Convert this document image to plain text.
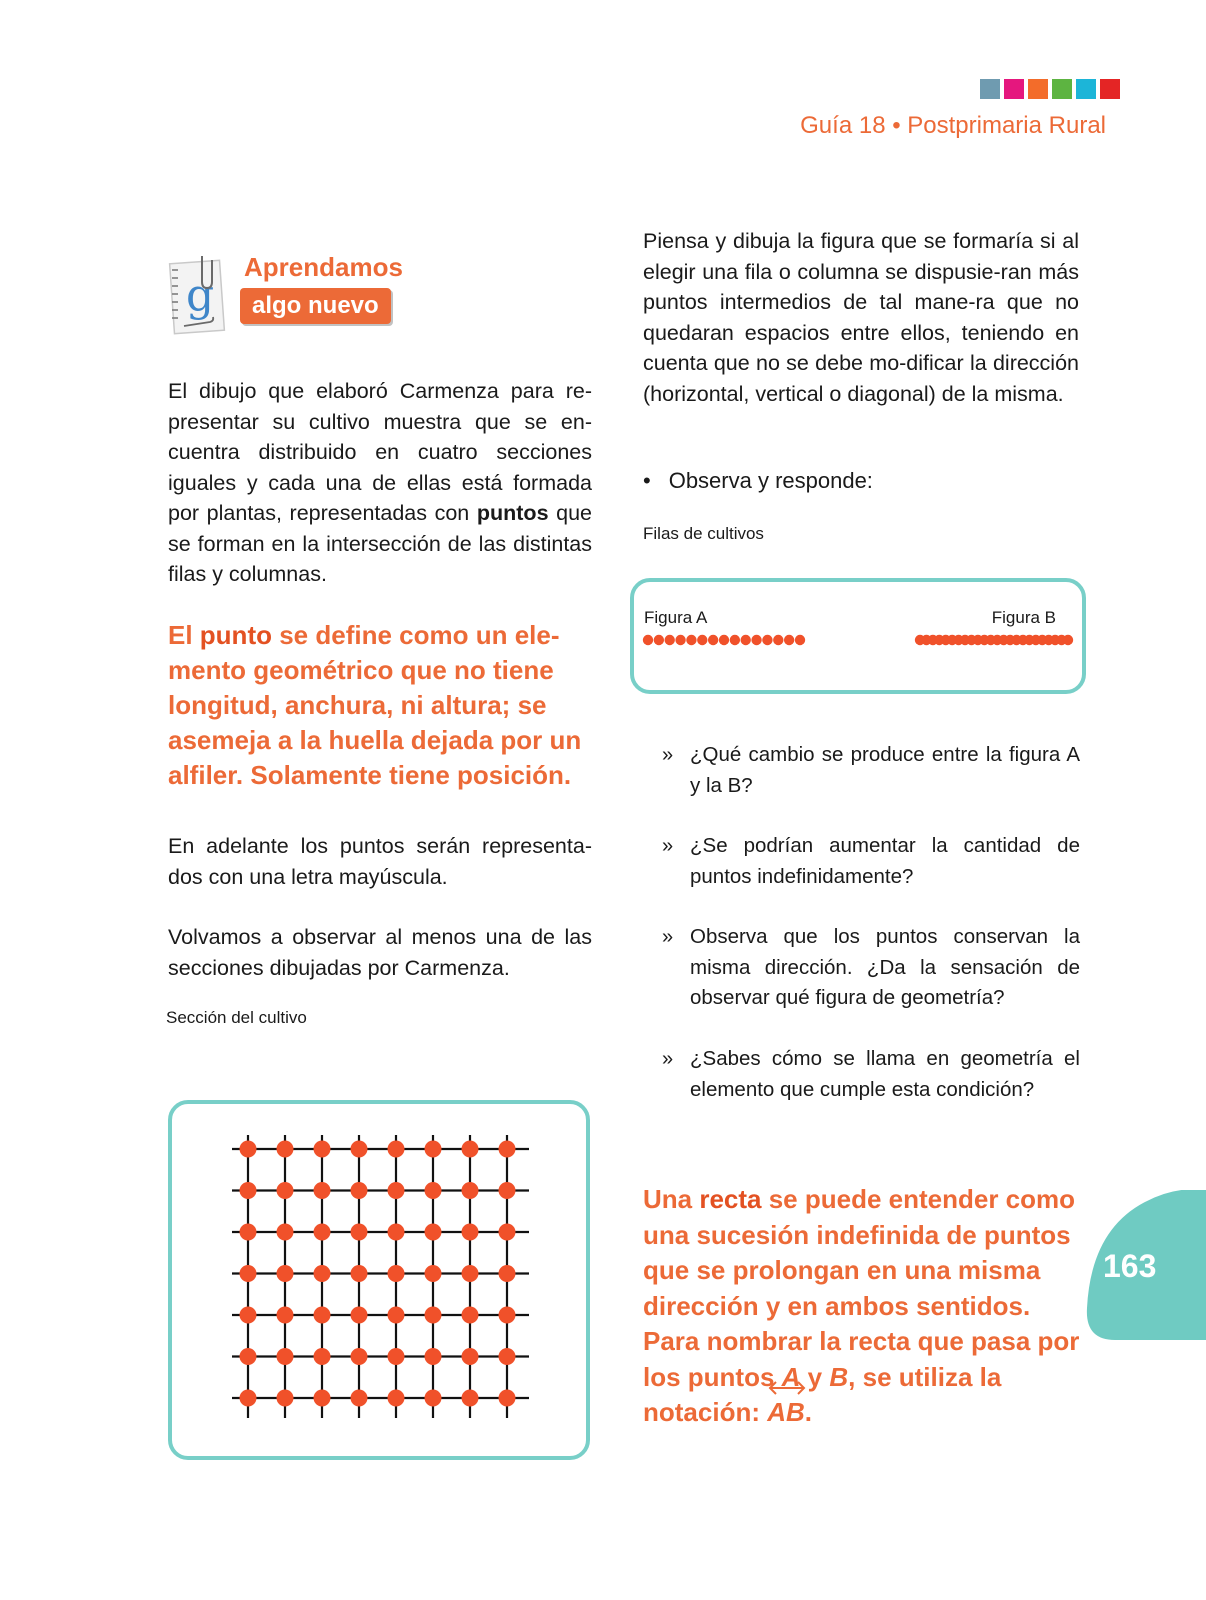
Guía 18 • Postprimaria Rural
g
Aprendamos
algo nuevo
El dibujo que elaboró Carmenza para re-presentar su cultivo muestra que se en-cuentra distribuido en cuatro secciones iguales y cada una de ellas está formada por plantas, representadas con puntos que se forman en la intersección de las distintas filas y columnas.
El punto se define como un ele-mento geométrico que no tiene longitud, anchura, ni altura; se asemeja a la huella dejada por un alfiler. Solamente tiene posición.
En adelante los puntos serán representa-dos con una letra mayúscula.
Volvamos a observar al menos una de las secciones dibujadas por Carmenza.
Sección del cultivo
Piensa y dibuja la figura que se formaría si al elegir una fila o columna se dispusie-ran más puntos intermedios de tal mane-ra que no quedaran espacios entre ellos, teniendo en cuenta que no se debe mo-dificar la dirección (horizontal, vertical o diagonal) de la misma.
• Observa y responde:
Filas de cultivos
Figura A	Figura B
» ¿Qué cambio se produce entre la figura A y la B?
» ¿Se podrían aumentar la cantidad de puntos indefinidamente?
» Observa que los puntos conservan la misma dirección. ¿Da la sensación de observar qué figura de geometría?
» ¿Sabes cómo se llama en geometría el elemento que cumple esta condición?
Una recta se puede entender como una sucesión indefinida de puntos que se prolongan en una misma dirección y en ambos sentidos. Para nombrar la recta que pasa por los puntos A y B, se utiliza la notación:
AB.
163
